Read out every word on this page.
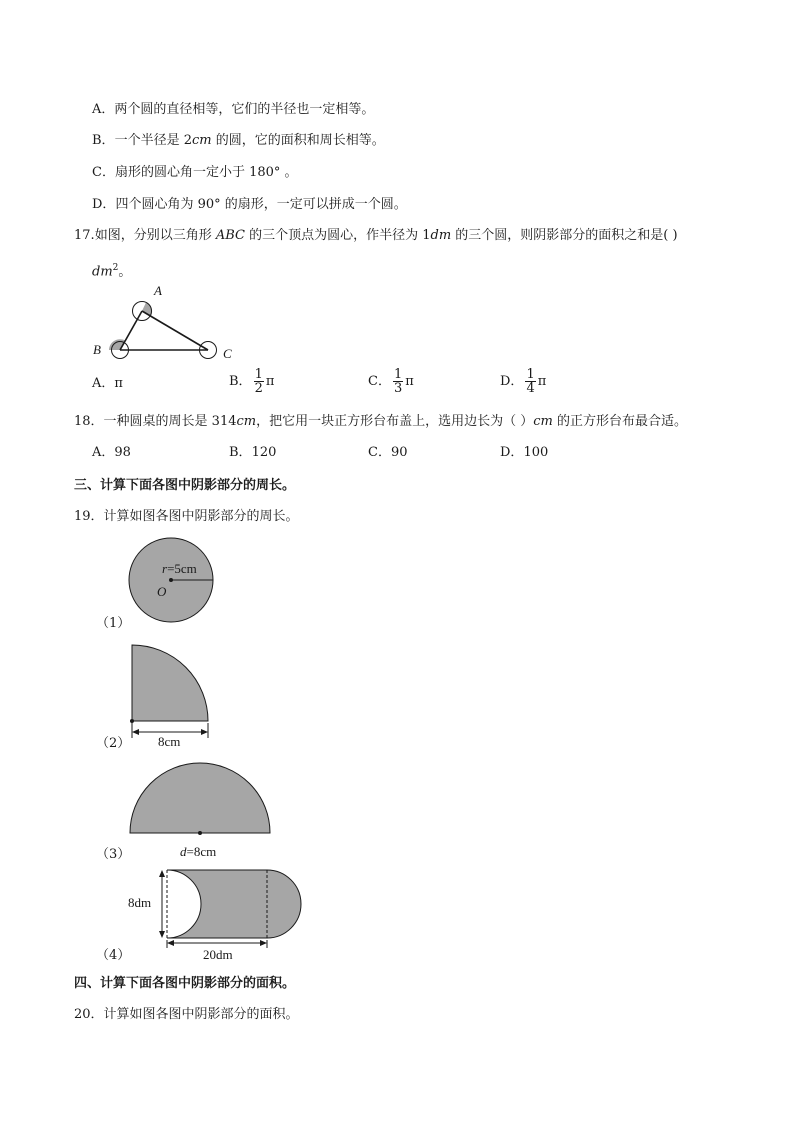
A．两个圆的直径相等，它们的半径也一定相等。
B．一个半径是 2cm 的圆，它的面积和周长相等。
C．扇形的圆心角一定小于 180° 。
D．四个圆心角为 90° 的扇形，一定可以拼成一个圆。
17.如图，分别以三角形 ABC 的三个顶点为圆心，作半径为 1dm 的三个圆，则阴影部分的面积之和是( )
$dm^2$。
A
B	C
A．π	B． $\frac{1}{2}$ π	C． $\frac{1}{3}$ π	D． $\frac{1}{4}$ π
18．一种圆桌的周长是 314cm，把它用一块正方形台布盖上，选用边长为（ ）cm 的正方形台布最合适。
A．98	B．120	C．90	D．100
三、计算下面各图中阴影部分的周长。
19．计算如图各图中阴影部分的周长。
r=5cm
O
（1）
8cm
（2）
d=8cm
（3）
8dm
20dm
（4）
四、计算下面各图中阴影部分的面积。
20．计算如图各图中阴影部分的面积。
